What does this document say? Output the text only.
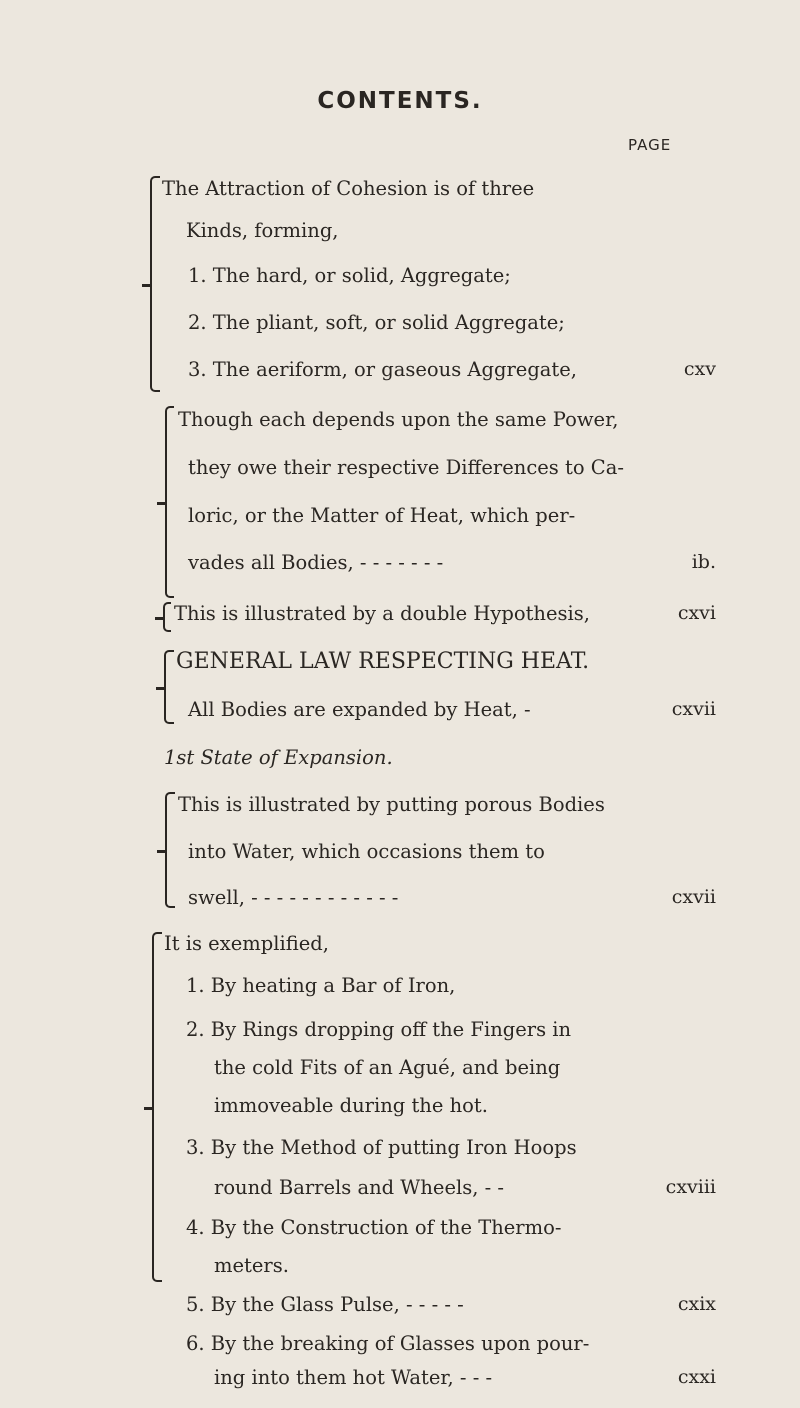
CONTENTS.
PAGE
The Attraction of Cohesion is of three
Kinds, forming,
1. The hard, or solid, Aggregate;
2. The pliant, soft, or solid Aggregate;
3. The aeriform, or gaseous Aggregate,	cxv
Though each depends upon the same Power,
they owe their respective Differences to Ca-
loric, or the Matter of Heat, which per-
vades all Bodies, - - - - - - -	ib.
This is illustrated by a double Hypothesis,	cxvi
GENERAL LAW RESPECTING HEAT.
All Bodies are expanded by Heat, -	cxvii
1st State of Expansion.
This is illustrated by putting porous Bodies
into Water, which occasions them to
swell, - - - - - - - - - - - -	cxvii
It is exemplified,
1. By heating a Bar of Iron,
2. By Rings dropping off the Fingers in
the cold Fits of an Agué, and being
immoveable during the hot.
3. By the Method of putting Iron Hoops
round Barrels and Wheels, - -	cxviii
4. By the Construction of the Thermo-
meters.
5. By the Glass Pulse, - - - - -	cxix
6. By the breaking of Glasses upon pour-
ing into them hot Water, - - -	cxxi
